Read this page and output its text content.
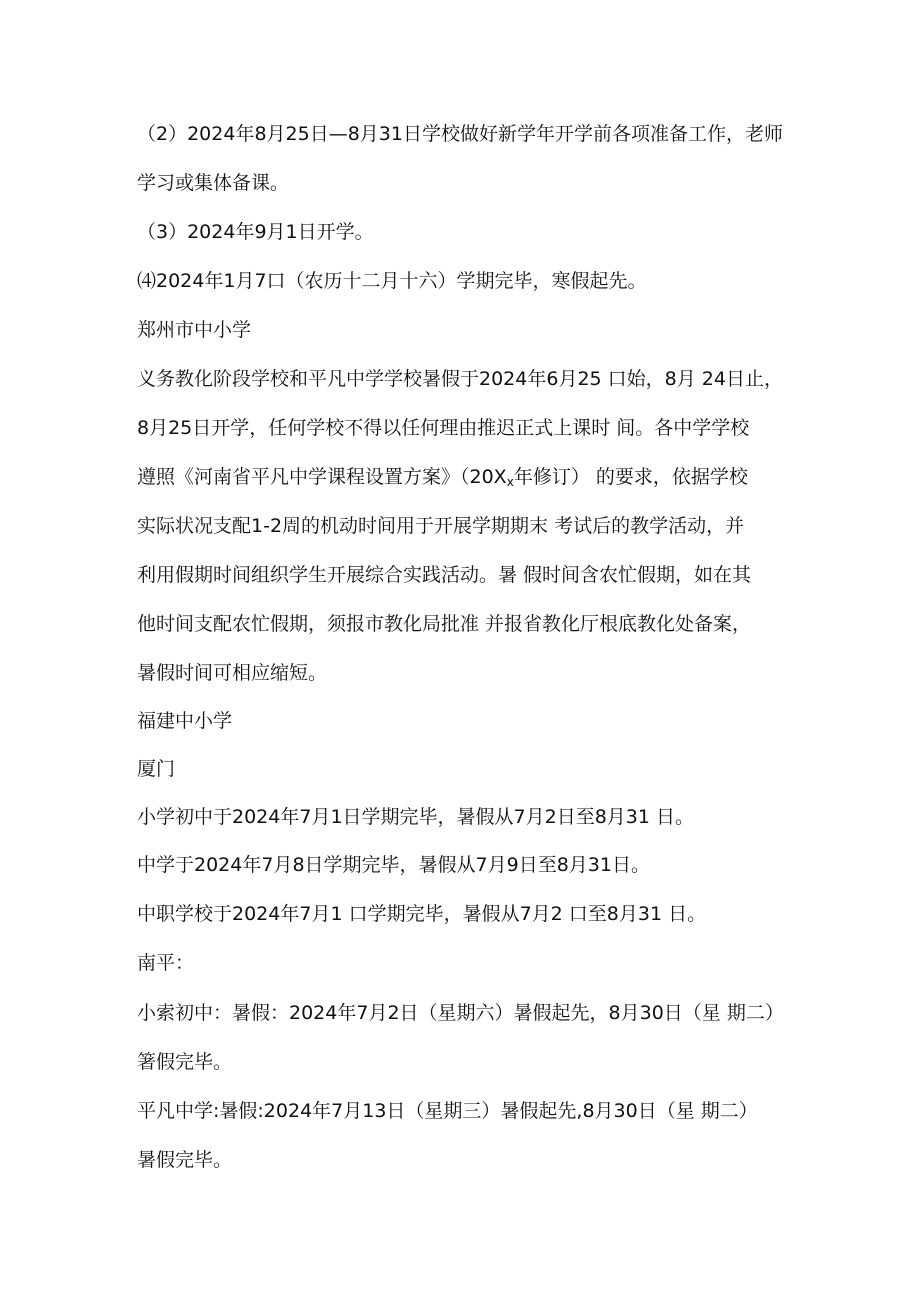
（2）2024年8月25日—8月31日学校做好新学年开学前各项准备工作，老师
学习或集体备课。
（3）2024年9月1日开学。
⑷2024年1月7口（农历十二月十六）学期完毕，寒假起先。
郑州市中小学
义务教化阶段学校和平凡中学学校暑假于2024年6月25 口始，8月 24日止，
8月25日开学，任何学校不得以任何理由推迟正式上课时 间。各中学学校
遵照《河南省平凡中学课程设置方案》（$20X_x$年修订） 的要求，依据学校
实际状况支配1-2周的机动时间用于开展学期期末 考试后的教学活动，并
利用假期时间组织学生开展综合实践活动。暑 假时间含农忙假期，如在其
他时间支配农忙假期，须报市教化局批准 并报省教化厅根底教化处备案，
暑假时间可相应缩短。
福建中小学
厦门
小学初中于2024年7月1日学期完毕，暑假从7月2日至8月31 日。
中学于2024年7月8日学期完毕，暑假从7月9日至8月31日。
中职学校于2024年7月1 口学期完毕，暑假从7月2 口至8月31 日。
南平：
小索初中：暑假：2024年7月2日（星期六）暑假起先，8月30日（星 期二）
箸假完毕。
平凡中学:暑假:2024年7月13日（星期三）暑假起先,8月30日（星 期二）
暑假完毕。
